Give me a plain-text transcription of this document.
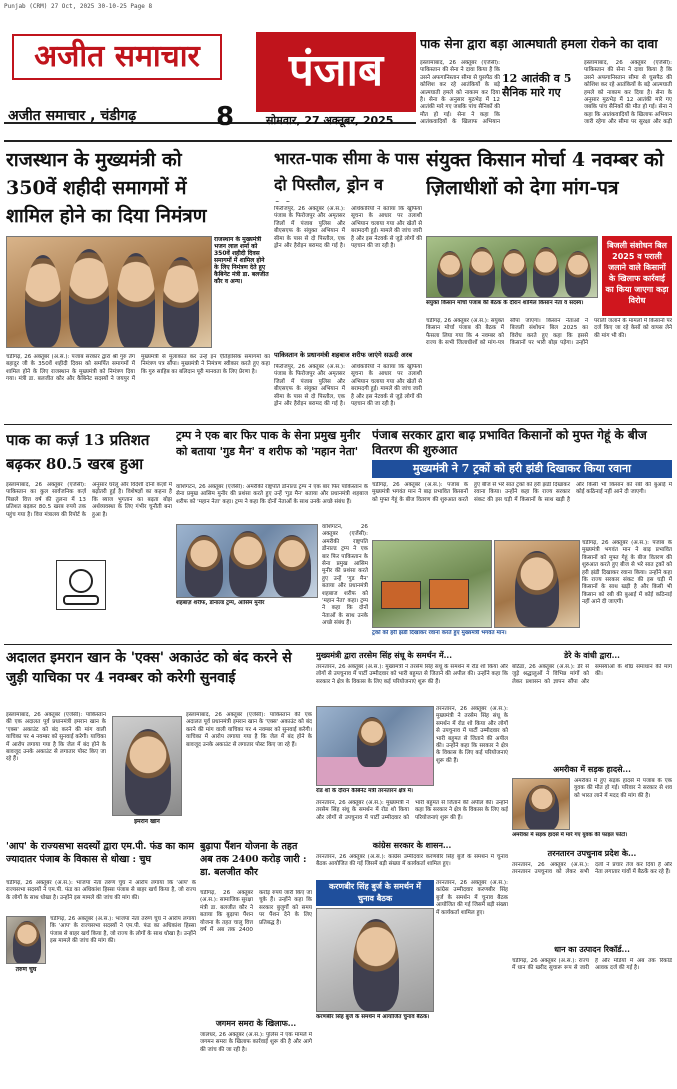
Punjab (CRM) 27 Oct, 2025 30-10-25 Page 8
अजीत समाचार
अजीत समाचार , चंडीगढ़	8
पंजाब
सोमवार, 27 अक्तूबर, 2025
पाक सेना द्वारा बड़ा आत्मघाती हमला रोकने का दावा
इस्लामाबाद, 26 अक्तूबर (एजेंसी): पाकिस्तान की सेना ने दावा किया है कि उसने अफगानिस्तान सीमा से घुसपैठ की कोशिश कर रहे आतंकियों के बड़े आत्मघाती हमले को नाकाम कर दिया है। सेना के अनुसार मुठभेड़ में 12 आतंकी मारे गए जबकि पांच सैनिकों की मौत हो गई। सेना ने कहा कि आतंकवादियों के खिलाफ अभियान
12 आतंकी व 5 सैनिक मारे गए
इस्लामाबाद, 26 अक्तूबर (एजेंसी): पाकिस्तान की सेना ने दावा किया है कि उसने अफगानिस्तान सीमा से घुसपैठ की कोशिश कर रहे आतंकियों के बड़े आत्मघाती हमले को नाकाम कर दिया है। सेना के अनुसार मुठभेड़ में 12 आतंकी मारे गए जबकि पांच सैनिकों की मौत हो गई। सेना ने कहा कि आतंकवादियों के खिलाफ अभियान जारी रहेगा और सीमा पर सुरक्षा और कड़ी
राजस्थान के मुख्यमंत्री को 350वें शहीदी समागमों में शामिल होने का दिया निमंत्रण
राजस्थान के मुख्यमंत्री भजन लाल शर्मा को 350वें शहीदी दिवस समागमों में शामिल होने के लिए निमंत्रण देते हुए कैबिनेट मंत्री डा. बलजीत कौर व अन्य।
चंडीगढ़, 26 अक्तूबर (अ.स.): पंजाब सरकार द्वारा श्री गुरु तेग बहादुर जी के 350वें शहीदी दिवस को समर्पित समागमों में शामिल होने के लिए राजस्थान के मुख्यमंत्री को निमंत्रण दिया गया। मंत्री डा. बलजीत कौर और कैबिनेट सदस्यों ने जयपुर में मुख्यमंत्री से मुलाकात कर उन्हें इन ऐतिहासिक समागमों का निमंत्रण पत्र सौंपा। मुख्यमंत्री ने निमंत्रण स्वीकार करते हुए कहा कि गुरु साहिब का बलिदान पूरी मानवता के लिए प्रेरणा है।
भारत-पाक सीमा के पास दो पिस्तौल, ड्रोन व
फिरोजपुर, 26 अक्तूबर (अ.स.): पंजाब के फिरोजपुर और अमृतसर जिलों में पंजाब पुलिस और बीएसएफ के संयुक्त अभियान में सीमा के पास से दो पिस्तौल, एक ड्रोन और हैरोइन बरामद की गई है। अधिकारियों ने बताया कि खुफिया सूचना के आधार पर तलाशी अभियान चलाया गया और खेतों से बरामदगी हुई। मामले की जांच जारी है और इस नेटवर्क से जुड़े लोगों की पहचान की जा रही है।
पाकिस्तान के प्रधानमंत्री शहबाज शरीफ जाएंगे सऊदी अरब
फिरोजपुर, 26 अक्तूबर (अ.स.): पंजाब के फिरोजपुर और अमृतसर जिलों में पंजाब पुलिस और बीएसएफ के संयुक्त अभियान में सीमा के पास से दो पिस्तौल, एक ड्रोन और हैरोइन बरामद की गई है। अधिकारियों ने बताया कि खुफिया सूचना के आधार पर तलाशी अभियान चलाया गया और खेतों से बरामदगी हुई। मामले की जांच जारी है और इस नेटवर्क से जुड़े लोगों की पहचान की जा रही है।
संयुक्त किसान मोर्चा 4 नवम्बर को ज़िलाधीशों को देगा मांग-पत्र
बिजली संशोधन बिल 2025 व पराली जलाने वाले किसानों के खिलाफ कार्रवाई का किया जाएगा कड़ा विरोध
संयुक्त किसान मोर्चा पंजाब की बैठक के दौरान शामिल किसान नेता व सदस्य।
चंडीगढ़, 26 अक्तूबर (अ.स.): संयुक्त किसान मोर्चा पंजाब की बैठक में फैसला लिया गया कि 4 नवम्बर को राज्य के सभी जिलाधीशों को मांग-पत्र सौंपा जाएगा। किसान नेताओं ने बिजली संशोधन बिल 2025 का विरोध करते हुए कहा कि इससे किसानों पर भारी बोझ पड़ेगा। उन्होंने पराली जलाने के मामलों में किसानों पर दर्ज किए जा रहे केसों को वापस लेने की मांग भी की।
पाक का कर्ज़ 13 प्रतिशत बढ़कर 80.5 खरब हुआ
इस्लामाबाद, 26 अक्तूबर (एजेंसी): पाकिस्तान का कुल सार्वजनिक कर्ज़ पिछले वित्त वर्ष की तुलना में 13 प्रतिशत बढ़कर 80.5 खरब रुपये तक पहुंच गया है। वित्त मंत्रालय की रिपोर्ट के अनुसार घरेलू और विदेशी दोनों कर्ज़ों में बढ़ोतरी हुई है। विशेषज्ञों का कहना है कि ब्याज भुगतान का बढ़ता बोझ अर्थव्यवस्था के लिए गंभीर चुनौती बना हुआ है।
ट्रम्प ने एक बार फिर पाक के सेना प्रमुख मुनीर को बताया 'गुड मैन' व शरीफ को 'महान नेता'
वाशिंगटन, 26 अक्तूबर (एजेंसी): अमरीकी राष्ट्रपति डोनाल्ड ट्रम्प ने एक बार फिर पाकिस्तान के सेना प्रमुख आसिम मुनीर की प्रशंसा करते हुए उन्हें 'गुड मैन' बताया और प्रधानमंत्री शहबाज शरीफ को 'महान नेता' कहा। ट्रम्प ने कहा कि दोनों नेताओं के साथ उनके अच्छे संबंध हैं।
शहबाज़ शरीफ, डोनाल्ड ट्रम्प, आसिम मुनीर
वाशिंगटन, 26 अक्तूबर (एजेंसी): अमरीकी राष्ट्रपति डोनाल्ड ट्रम्प ने एक बार फिर पाकिस्तान के सेना प्रमुख आसिम मुनीर की प्रशंसा करते हुए उन्हें 'गुड मैन' बताया और प्रधानमंत्री शहबाज शरीफ को 'महान नेता' कहा। ट्रम्प ने कहा कि दोनों नेताओं के साथ उनके अच्छे संबंध हैं।
पंजाब सरकार द्वारा बाढ़ प्रभावित किसानों को मुफ्त गेहूं के बीज वितरण की शुरुआत
मुख्यमंत्री ने 7 ट्रकों को हरी झंडी दिखाकर किया रवाना
चंडीगढ़, 26 अक्तूबर (अ.स.): पंजाब के मुख्यमंत्री भगवंत मान ने बाढ़ प्रभावित किसानों को मुफ्त गेहूं के बीज वितरण की शुरुआत करते हुए बीज से भरे सात ट्रकों को हरी झंडी दिखाकर रवाना किया। उन्होंने कहा कि राज्य सरकार संकट की इस घड़ी में किसानों के साथ खड़ी है और किसी भी किसान को रबी की बुआई में कोई कठिनाई नहीं आने दी जाएगी।
चंडीगढ़, 26 अक्तूबर (अ.स.): पंजाब के मुख्यमंत्री भगवंत मान ने बाढ़ प्रभावित किसानों को मुफ्त गेहूं के बीज वितरण की शुरुआत करते हुए बीज से भरे सात ट्रकों को हरी झंडी दिखाकर रवाना किया। उन्होंने कहा कि राज्य सरकार संकट की इस घड़ी में किसानों के साथ खड़ी है और किसी भी किसान को रबी की बुआई में कोई कठिनाई नहीं आने दी जाएगी।
ट्रकों को हरी झंडी दिखाकर रवाना करते हुए मुख्यमंत्री भगवंत मान।
अदालत इमरान खान के 'एक्स' अकाउंट को बंद करने से जुड़ी याचिका पर 4 नवम्बर को करेगी सुनवाई
इस्लामाबाद, 26 अक्तूबर (एजेंसी): पाकिस्तान की एक अदालत पूर्व प्रधानमंत्री इमरान खान के 'एक्स' अकाउंट को बंद करने की मांग वाली याचिका पर 4 नवम्बर को सुनवाई करेगी। याचिका में आरोप लगाया गया है कि जेल में बंद होने के बावजूद उनके अकाउंट से लगातार पोस्ट किए जा रहे हैं।
इमरान खान
इस्लामाबाद, 26 अक्तूबर (एजेंसी): पाकिस्तान की एक अदालत पूर्व प्रधानमंत्री इमरान खान के 'एक्स' अकाउंट को बंद करने की मांग वाली याचिका पर 4 नवम्बर को सुनवाई करेगी। याचिका में आरोप लगाया गया है कि जेल में बंद होने के बावजूद उनके अकाउंट से लगातार पोस्ट किए जा रहे हैं।
मुख्यमंत्री द्वारा तरसेम सिंह संधू के समर्थन में...
तरनतारन, 26 अक्तूबर (अ.स.): मुख्यमंत्री ने तरसेम सिंह संधू के समर्थन में रोड शो किया और लोगों से उपचुनाव में पार्टी उम्मीदवार को भारी बहुमत से जिताने की अपील की। उन्होंने कहा कि सरकार ने क्षेत्र के विकास के लिए कई परियोजनाएं शुरू की हैं।
तरनतारन, 26 अक्तूबर (अ.स.): मुख्यमंत्री ने तरसेम सिंह संधू के समर्थन में रोड शो किया और लोगों से उपचुनाव में पार्टी उम्मीदवार को भारी बहुमत से जिताने की अपील की। उन्होंने कहा कि सरकार ने क्षेत्र के विकास के लिए कई परियोजनाएं शुरू की हैं।
रोड शो के दौरान कैबिनेट मंत्री तरनतारन क्षेत्र में।
तरनतारन, 26 अक्तूबर (अ.स.): मुख्यमंत्री ने तरसेम सिंह संधू के समर्थन में रोड शो किया और लोगों से उपचुनाव में पार्टी उम्मीदवार को भारी बहुमत से जिताने की अपील की। उन्होंने कहा कि सरकार ने क्षेत्र के विकास के लिए कई परियोजनाएं शुरू की हैं।
डेरे के वांधी द्वारा...
बठिंडा, 26 अक्तूबर (अ.स.): डेरे से जुड़े श्रद्धालुओं ने विभिन्न मांगों को लेकर प्रशासन को ज्ञापन सौंपा और समस्याओं के शीघ्र समाधान की मांग की।
अमरीका में सड़क हादसे...
अमरीका में हुए सड़क हादसे में पंजाब के एक युवक की मौत हो गई। परिवार ने सरकार से शव को भारत लाने में मदद की मांग की है।
अमरीका में सड़क हादसे में मारे गए युवक की फाइल फोटो।
कांग्रेस सरकार के शासन...
'आप' के राज्यसभा सदस्यों द्वारा एम.पी. फंड का काम ज्यादातर पंजाब के विकास से धोखा : चुघ
चंडीगढ़, 26 अक्तूबर (अ.स.): भाजपा नेता तरुण चुघ ने आरोप लगाया कि 'आप' के राज्यसभा सदस्यों ने एम.पी. फंड का अधिकांश हिस्सा पंजाब से बाहर खर्च किया है, जो राज्य के लोगों के साथ धोखा है। उन्होंने इस मामले की जांच की मांग की।
तरुण चुघ
चंडीगढ़, 26 अक्तूबर (अ.स.): भाजपा नेता तरुण चुघ ने आरोप लगाया कि 'आप' के राज्यसभा सदस्यों ने एम.पी. फंड का अधिकांश हिस्सा पंजाब से बाहर खर्च किया है, जो राज्य के लोगों के साथ धोखा है। उन्होंने इस मामले की जांच की मांग की।
बुढ़ापा पैंशन योजना के तहत अब तक 2400 करोड़ जारी : डा. बलजीत कौर
चंडीगढ़, 26 अक्तूबर (अ.स.): सामाजिक सुरक्षा मंत्री डा. बलजीत कौर ने बताया कि बुढ़ापा पैंशन योजना के तहत चालू वित्त वर्ष में अब तक 2400 करोड़ रुपये जारी किए जा चुके हैं। उन्होंने कहा कि सरकार बुजुर्गों को समय पर पैंशन देने के लिए प्रतिबद्ध है।
तरनतारन, 26 अक्तूबर (अ.स.): कांग्रेस उम्मीदवार करणबीर सिंह बुर्ज के समर्थन में चुनाव बैठक आयोजित की गई जिसमें बड़ी संख्या में कार्यकर्ता शामिल हुए।
करणबीर सिंह बुर्ज के समर्थन में चुनाव बैठक
करणबीर सिंह बुर्ज के समर्थन में आयोजित चुनाव बैठक।
तरनतारन, 26 अक्तूबर (अ.स.): कांग्रेस उम्मीदवार करणबीर सिंह बुर्ज के समर्थन में चुनाव बैठक आयोजित की गई जिसमें बड़ी संख्या में कार्यकर्ता शामिल हुए।
तरनतारन उपचुनाव प्रदेश के...
तरनतारन, 26 अक्तूबर (अ.स.): तरनतारन उपचुनाव को लेकर सभी दलों ने प्रचार तेज कर दिया है और नेता लगातार गांवों में बैठकें कर रहे हैं।
धान का उत्पादन रिकॉर्ड...
चंडीगढ़, 26 अक्तूबर (अ.स.): राज्य में धान की खरीद सुचारू रूप से जारी है और मंडियों में अब तक रिकॉर्ड आवक दर्ज की गई है।
जगमन समरा के खिलाफ...
जालंधर, 26 अक्तूबर (अ.स.): पुलिस ने एक मामले में जगमन समरा के खिलाफ कार्रवाई शुरू की है और आगे की जांच की जा रही है।
